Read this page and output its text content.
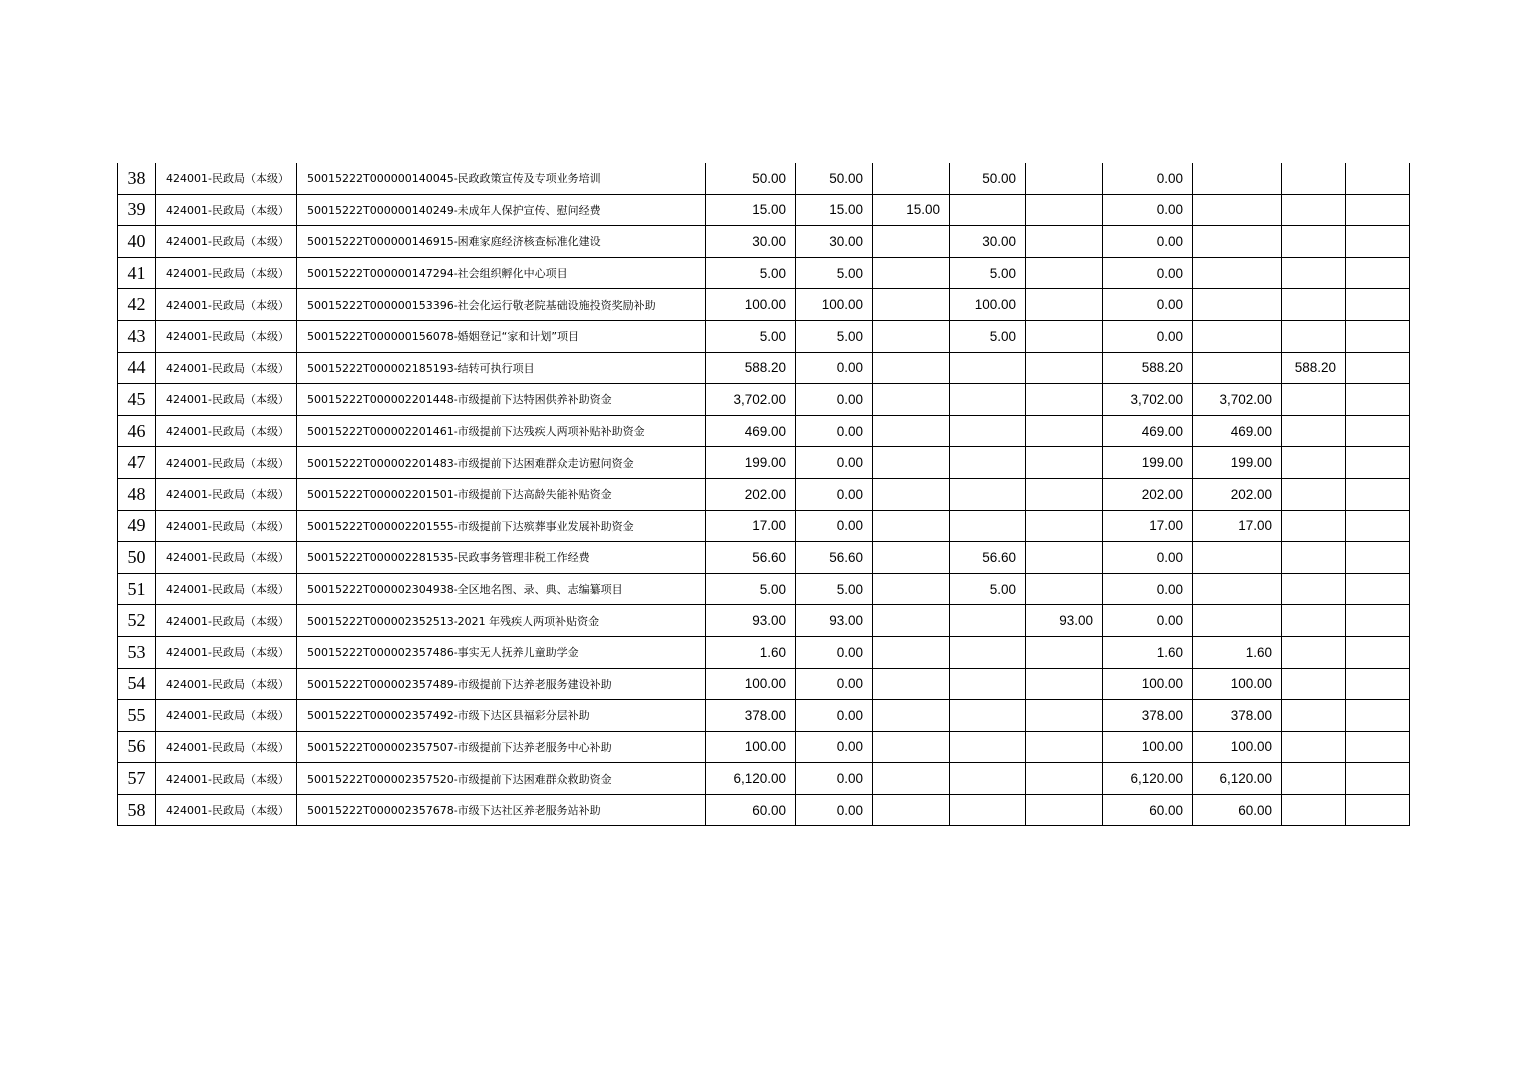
38	424001-民政局（本级）	50015222T000000140045-民政政策宣传及专项业务培训	50.00	50.00		50.00		0.00			
39	424001-民政局（本级）	50015222T000000140249-未成年人保护宣传、慰问经费	15.00	15.00	15.00			0.00			
40	424001-民政局（本级）	50015222T000000146915-困难家庭经济核查标准化建设	30.00	30.00		30.00		0.00			
41	424001-民政局（本级）	50015222T000000147294-社会组织孵化中心项目	5.00	5.00		5.00		0.00			
42	424001-民政局（本级）	50015222T000000153396-社会化运行敬老院基础设施投资奖励补助	100.00	100.00		100.00		0.00			
43	424001-民政局（本级）	50015222T000000156078-婚姻登记“家和计划”项目	5.00	5.00		5.00		0.00			
44	424001-民政局（本级）	50015222T000002185193-结转可执行项目	588.20	0.00				588.20		588.20	
45	424001-民政局（本级）	50015222T000002201448-市级提前下达特困供养补助资金	3,702.00	0.00				3,702.00	3,702.00		
46	424001-民政局（本级）	50015222T000002201461-市级提前下达残疾人两项补贴补助资金	469.00	0.00				469.00	469.00		
47	424001-民政局（本级）	50015222T000002201483-市级提前下达困难群众走访慰问资金	199.00	0.00				199.00	199.00		
48	424001-民政局（本级）	50015222T000002201501-市级提前下达高龄失能补贴资金	202.00	0.00				202.00	202.00		
49	424001-民政局（本级）	50015222T000002201555-市级提前下达殡葬事业发展补助资金	17.00	0.00				17.00	17.00		
50	424001-民政局（本级）	50015222T000002281535-民政事务管理非税工作经费	56.60	56.60		56.60		0.00			
51	424001-民政局（本级）	50015222T000002304938-全区地名图、录、典、志编纂项目	5.00	5.00		5.00		0.00			
52	424001-民政局（本级）	50015222T000002352513-2021 年残疾人两项补贴资金	93.00	93.00			93.00	0.00			
53	424001-民政局（本级）	50015222T000002357486-事实无人抚养儿童助学金	1.60	0.00				1.60	1.60		
54	424001-民政局（本级）	50015222T000002357489-市级提前下达养老服务建设补助	100.00	0.00				100.00	100.00		
55	424001-民政局（本级）	50015222T000002357492-市级下达区县福彩分层补助	378.00	0.00				378.00	378.00		
56	424001-民政局（本级）	50015222T000002357507-市级提前下达养老服务中心补助	100.00	0.00				100.00	100.00		
57	424001-民政局（本级）	50015222T000002357520-市级提前下达困难群众救助资金	6,120.00	0.00				6,120.00	6,120.00		
58	424001-民政局（本级）	50015222T000002357678-市级下达社区养老服务站补助	60.00	0.00				60.00	60.00		
